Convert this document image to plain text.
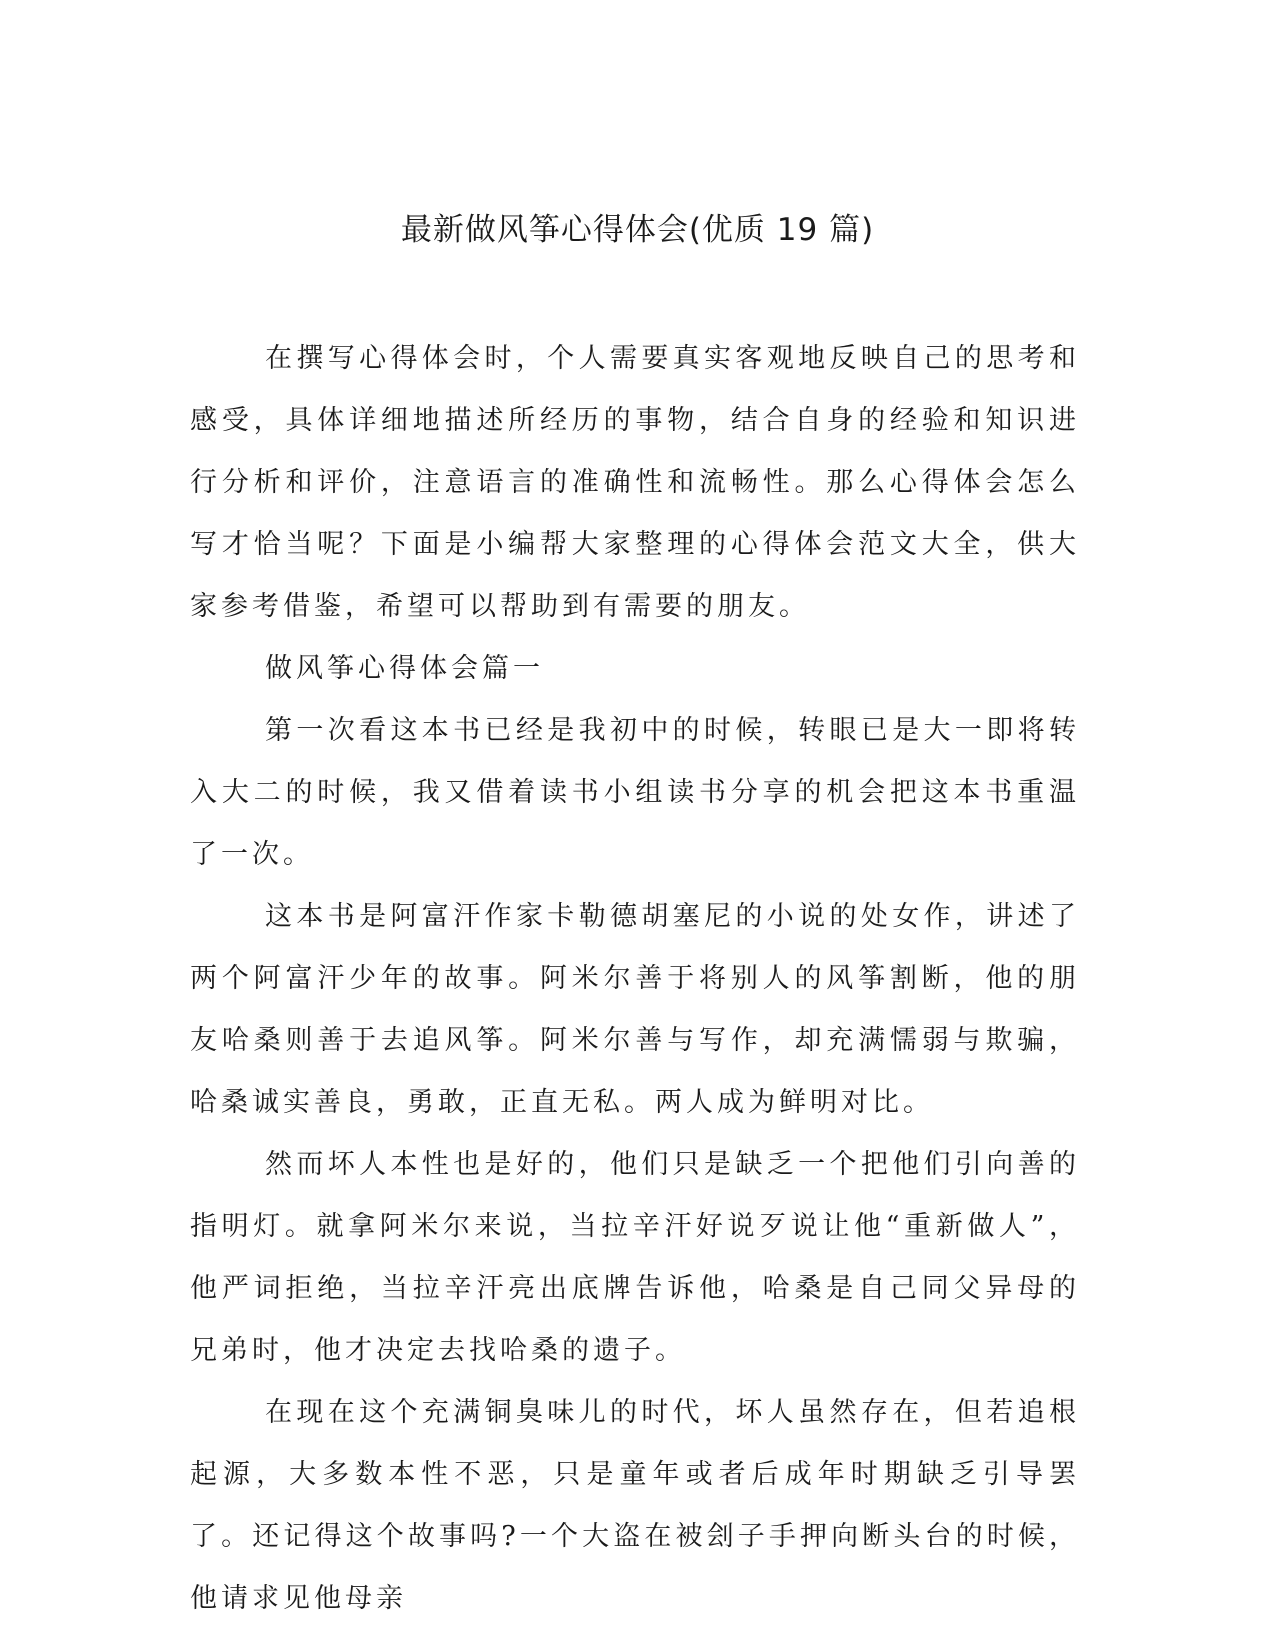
最新做风筝心得体会(优质 19 篇)

在撰写心得体会时，个人需要真实客观地反映自己的思考和感受，具体详细地描述所经历的事物，结合自身的经验和知识进行分析和评价，注意语言的准确性和流畅性。那么心得体会怎么写才恰当呢？下面是小编帮大家整理的心得体会范文大全，供大家参考借鉴，希望可以帮助到有需要的朋友。

做风筝心得体会篇一

第一次看这本书已经是我初中的时候，转眼已是大一即将转入大二的时候，我又借着读书小组读书分享的机会把这本书重温了一次。

这本书是阿富汗作家卡勒德胡塞尼的小说的处女作，讲述了两个阿富汗少年的故事。阿米尔善于将别人的风筝割断，他的朋友哈桑则善于去追风筝。阿米尔善与写作，却充满懦弱与欺骗，哈桑诚实善良，勇敢，正直无私。两人成为鲜明对比。

然而坏人本性也是好的，他们只是缺乏一个把他们引向善的指明灯。就拿阿米尔来说，当拉辛汗好说歹说让他“重新做人”，他严词拒绝，当拉辛汗亮出底牌告诉他，哈桑是自己同父异母的兄弟时，他才决定去找哈桑的遗子。

在现在这个充满铜臭味儿的时代，坏人虽然存在，但若追根起源，大多数本性不恶，只是童年或者后成年时期缺乏引导罢了。还记得这个故事吗?一个大盗在被刽子手押向断头台的时候，他请求见他母亲
